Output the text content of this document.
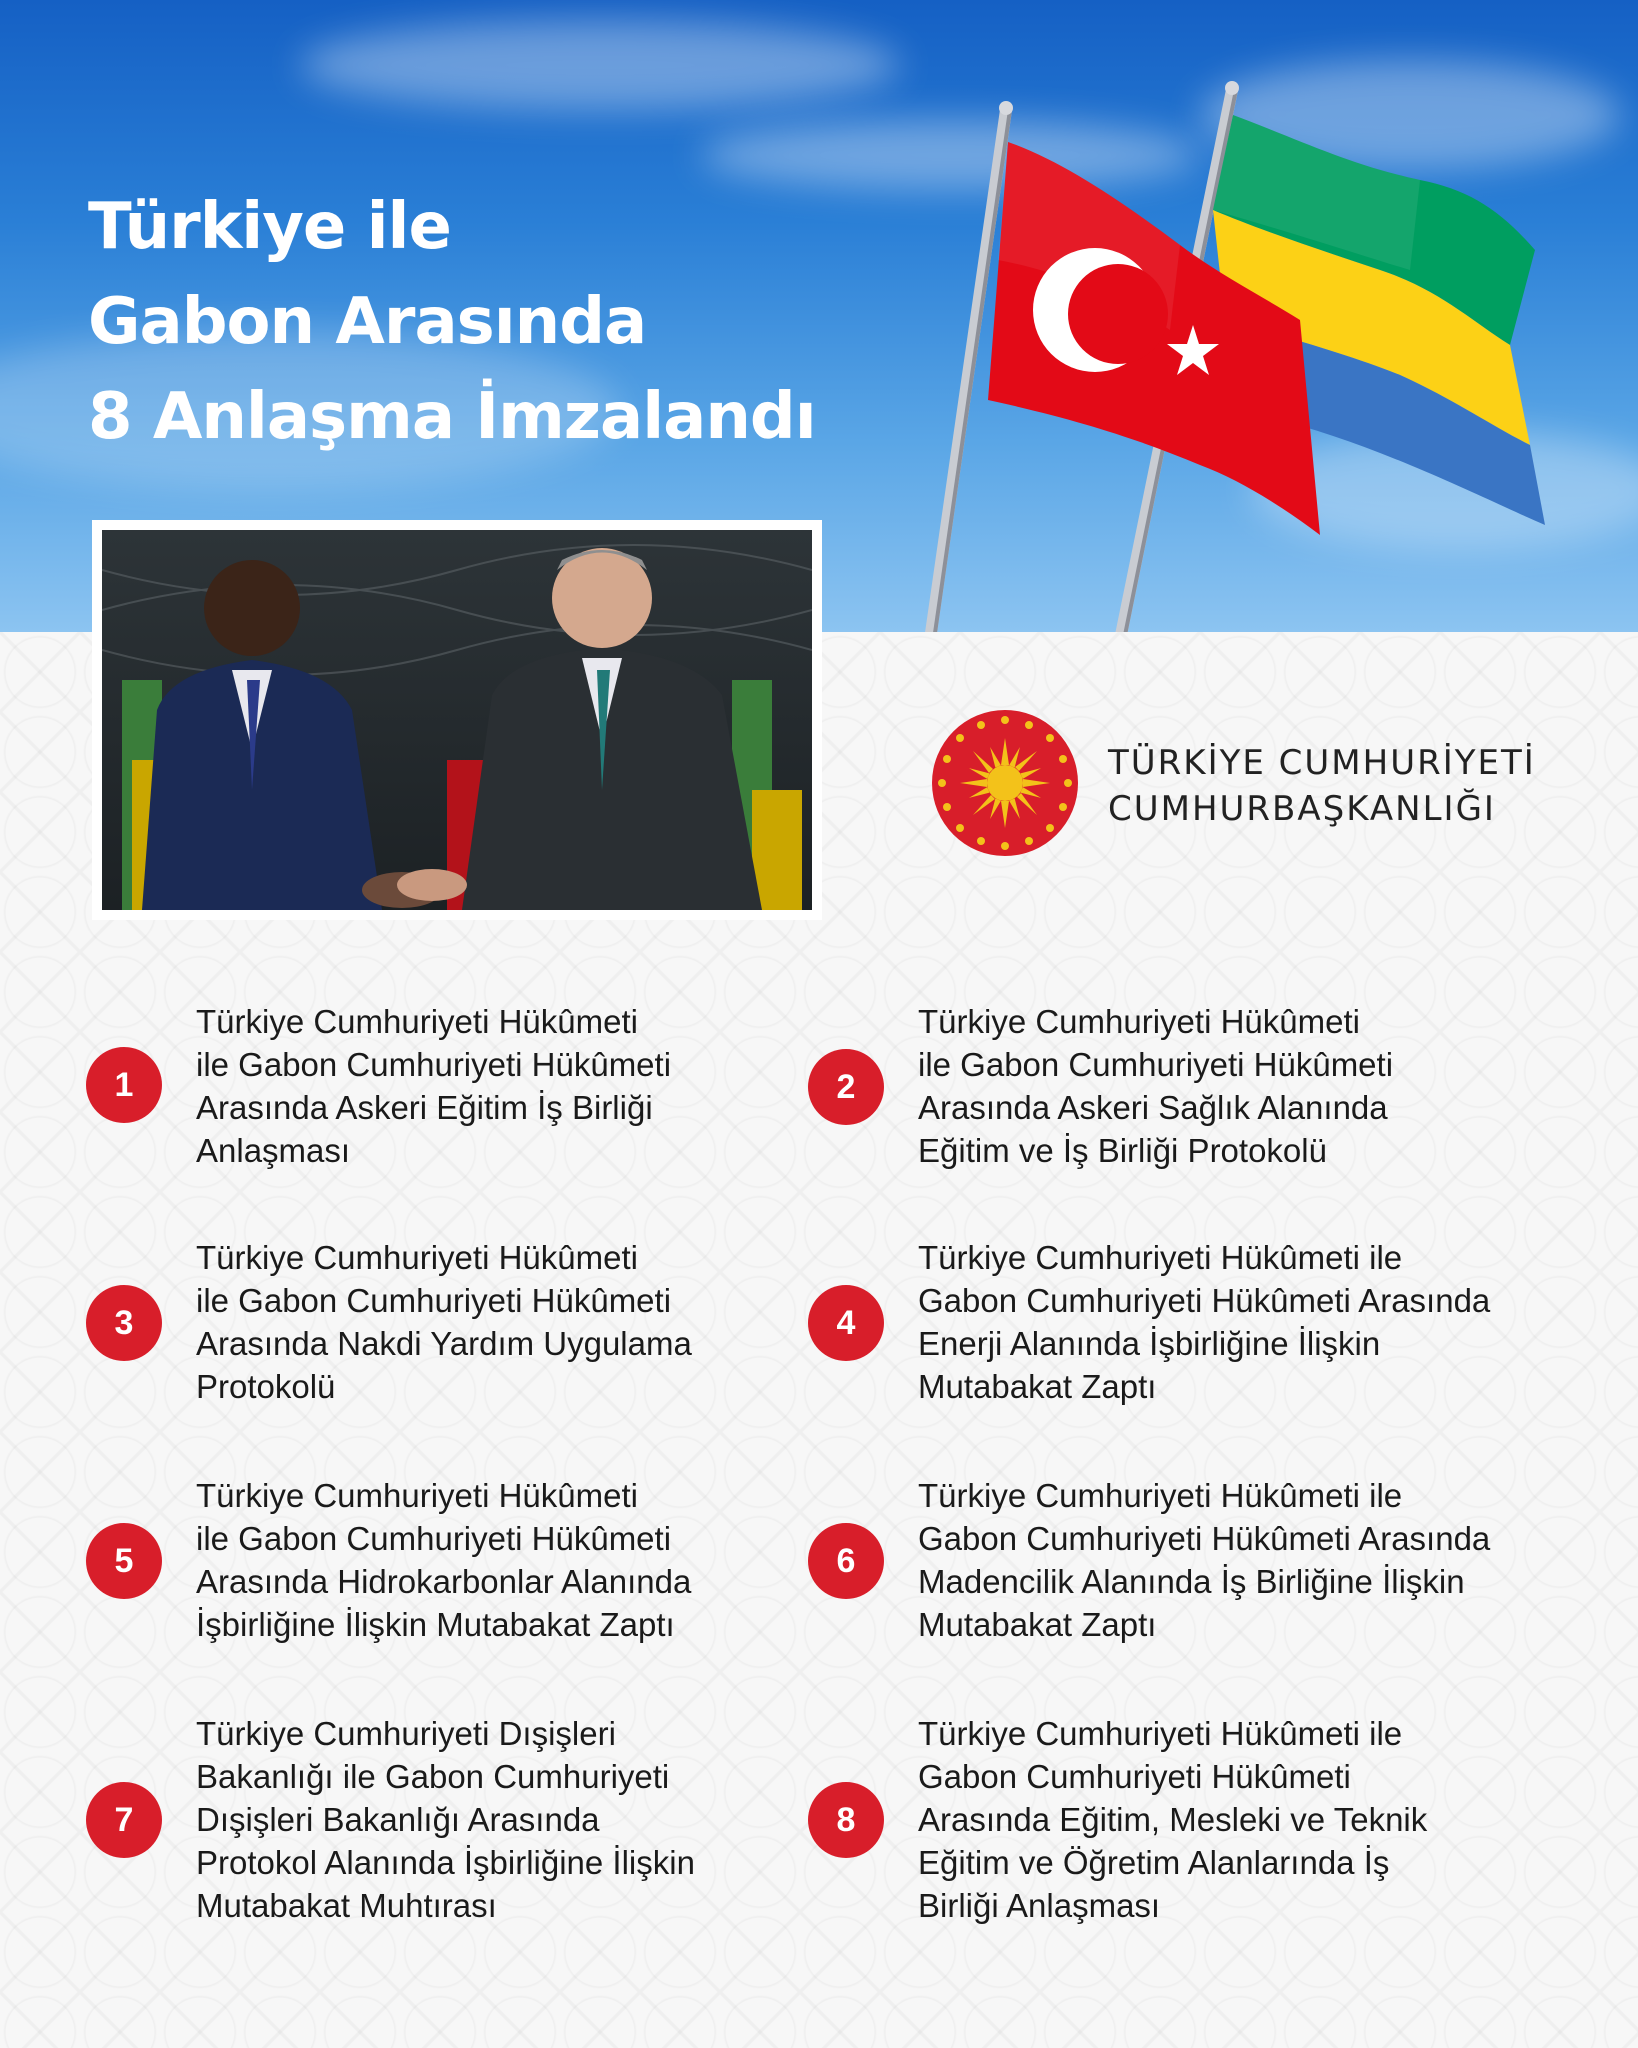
Türkiye ile
Gabon Arasında
8 Anlaşma İmzalandı
TÜRKİYE CUMHURİYETİ
CUMHURBAŞKANLIĞI
1

Türkiye Cumhuriyeti Hükûmeti
ile Gabon Cumhuriyeti Hükûmeti
Arasında Askeri Eğitim İş Birliği
Anlaşması

2

Türkiye Cumhuriyeti Hükûmeti
ile Gabon Cumhuriyeti Hükûmeti
Arasında Askeri Sağlık Alanında
Eğitim ve İş Birliği Protokolü

3

Türkiye Cumhuriyeti Hükûmeti
ile Gabon Cumhuriyeti Hükûmeti
Arasında Nakdi Yardım Uygulama
Protokolü

4

Türkiye Cumhuriyeti Hükûmeti ile
Gabon Cumhuriyeti Hükûmeti Arasında
Enerji Alanında İşbirliğine İlişkin
Mutabakat Zaptı

5

Türkiye Cumhuriyeti Hükûmeti
ile Gabon Cumhuriyeti Hükûmeti
Arasında Hidrokarbonlar Alanında
İşbirliğine İlişkin Mutabakat Zaptı

6

Türkiye Cumhuriyeti Hükûmeti ile
Gabon Cumhuriyeti Hükûmeti Arasında
Madencilik Alanında İş Birliğine İlişkin
Mutabakat Zaptı

7

Türkiye Cumhuriyeti Dışişleri
Bakanlığı ile Gabon Cumhuriyeti
Dışişleri Bakanlığı Arasında
Protokol Alanında İşbirliğine İlişkin
Mutabakat Muhtırası

8

Türkiye Cumhuriyeti Hükûmeti ile
Gabon Cumhuriyeti Hükûmeti
Arasında Eğitim, Mesleki ve Teknik
Eğitim ve Öğretim Alanlarında İş
Birliği Anlaşması
